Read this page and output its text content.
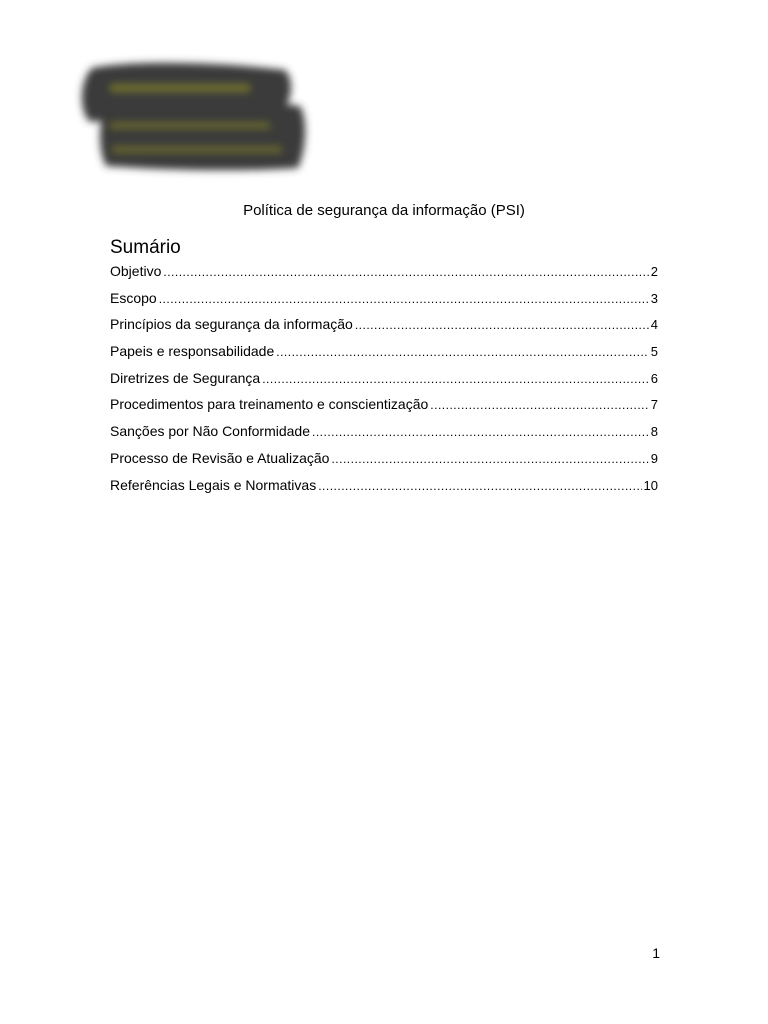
Política de segurança da informação (PSI)
Sumário
Objetivo .....	2
Escopo .....	3
Princípios da segurança da informação .....	4
Papeis e responsabilidade .....	5
Diretrizes de Segurança .....	6
Procedimentos para treinamento e conscientização .....	7
Sanções por Não Conformidade .....	8
Processo de Revisão e Atualização .....	9
Referências Legais e Normativas .....	10
1
